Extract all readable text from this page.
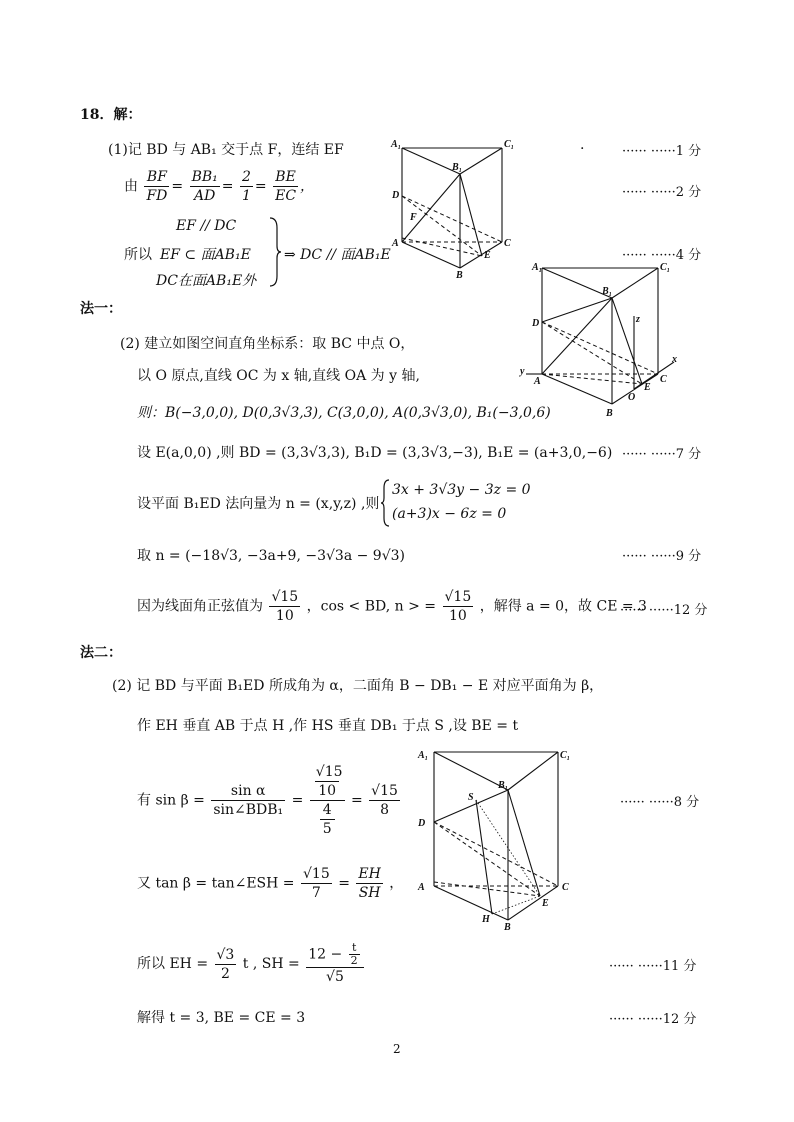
18．解：
(1)记 BD 与 AB₁ 交于点 F，连结 EF	.	······ ······1 分
由 $\frac{BF}{FD} = \frac{\text{BB₁}}{AD} = \frac{2}{1} = \frac{BE}{EC}$ ，	······ ······2 分
所以
EF // DC
EF ⊂ 面AB₁E
DC在面AB₁E外
⇒ DC // 面AB₁E	······ ······4 分
A₁	C₁
B₁
D
F
A	C
E
B
法一：
(2) 建立如图空间直角坐标系：取 BC 中点 O，
以 O 原点,直线 OC 为 x 轴,直线 OA 为 y 轴,
则：B(−3,0,0), D(0,3√3,3), C(3,0,0), A(0,3√3,0), B₁(−3,0,6)
A₁	C₁
B₁
D	z
x
y
A	C
E
O
B
设 E(a,0,0) ,则 BD = (3,3√3,3), B₁D = (3,3√3,−3), B₁E = (a+3,0,−6) ······ ······7 分
设平面 B₁ED 法向量为 n = (x,y,z) ,则
3x + 3√3y − 3z = 0
(a+3)x − 6z = 0
取 n = (−18√3, −3a+9, −3√3a − 9√3)	······ ······9 分
因为线面角正弦值为 $\frac{√15}{10}$ ，cos < BD, n > = $\frac{√15}{10}$ ，解得 a = 0，故 CE = 3
······ ······12 分
法二：
(2) 记 BD 与平面 B₁ED 所成角为 α，二面角 B − DB₁ − E 对应平面角为 β，
作 EH 垂直 AB 于点 H ,作 HS 垂直 DB₁ 于点 S ,设 BE = t
有 $\sin \beta = \frac{\text{sin α}}{\text{sin∠BDB₁}}$ =
√15
10
4
5
= $\frac{√15}{8}$	······ ······8 分
A₁	C₁
B₁
S
D
A	C
E
H
B
又 tan β = tan∠ESH = $\frac{√15}{7} = \frac{EH}{SH}$ ，
所以 EH = $\frac{√3}{2}$ t , SH = $\frac{12 - \frac{t}{2}}{√5}$	······ ······11 分
解得 t = 3, BE = CE = 3	······ ······12 分
2
